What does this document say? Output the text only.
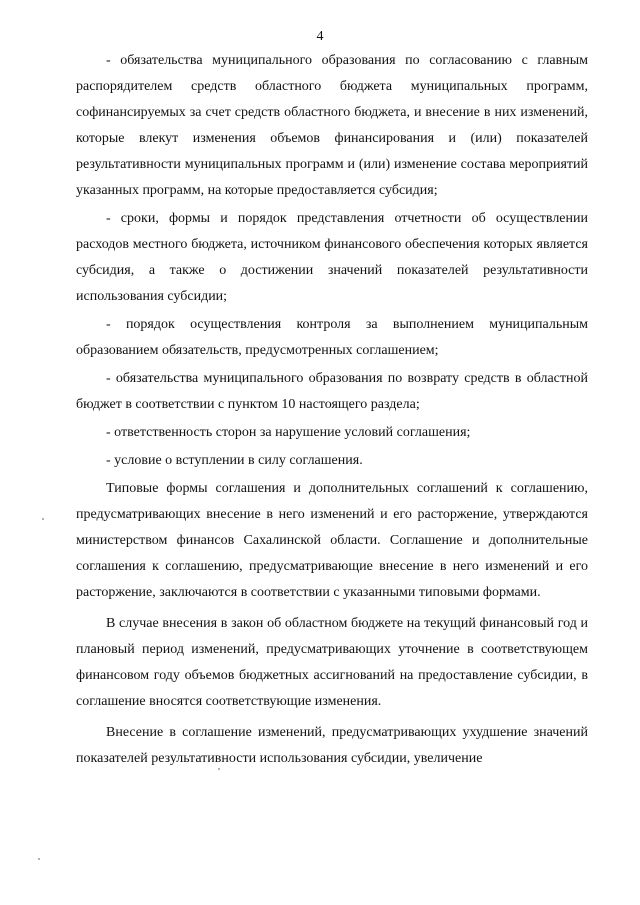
4

- обязательства муниципального образования по согласованию с главным распорядителем средств областного бюджета муниципальных программ, софинансируемых за счет средств областного бюджета, и внесение в них изменений, которые влекут изменения объемов финансирования и (или) показателей результативности муниципальных программ и (или) изменение состава мероприятий указанных программ, на которые предоставляется субсидия;

- сроки, формы и порядок представления отчетности об осуществлении расходов местного бюджета, источником финансового обеспечения которых является субсидия, а также о достижении значений показателей результативности использования субсидии;

- порядок осуществления контроля за выполнением муниципальным образованием обязательств, предусмотренных соглашением;

- обязательства муниципального образования по возврату средств в областной бюджет в соответствии с пунктом 10 настоящего раздела;

- ответственность сторон за нарушение условий соглашения;

- условие о вступлении в силу соглашения.

Типовые формы соглашения и дополнительных соглашений к соглашению, предусматривающих внесение в него изменений и его расторжение, утверждаются министерством финансов Сахалинской области. Соглашение и дополнительные соглашения к соглашению, предусматривающие внесение в него изменений и его расторжение, заключаются в соответствии с указанными типовыми формами.

В случае внесения в закон об областном бюджете на текущий финансовый год и плановый период изменений, предусматривающих уточнение в соответствующем финансовом году объемов бюджетных ассигнований на предоставление субсидии, в соглашение вносятся соответствующие изменения.

Внесение в соглашение изменений, предусматривающих ухудшение значений показателей результативности использования субсидии, увеличение
